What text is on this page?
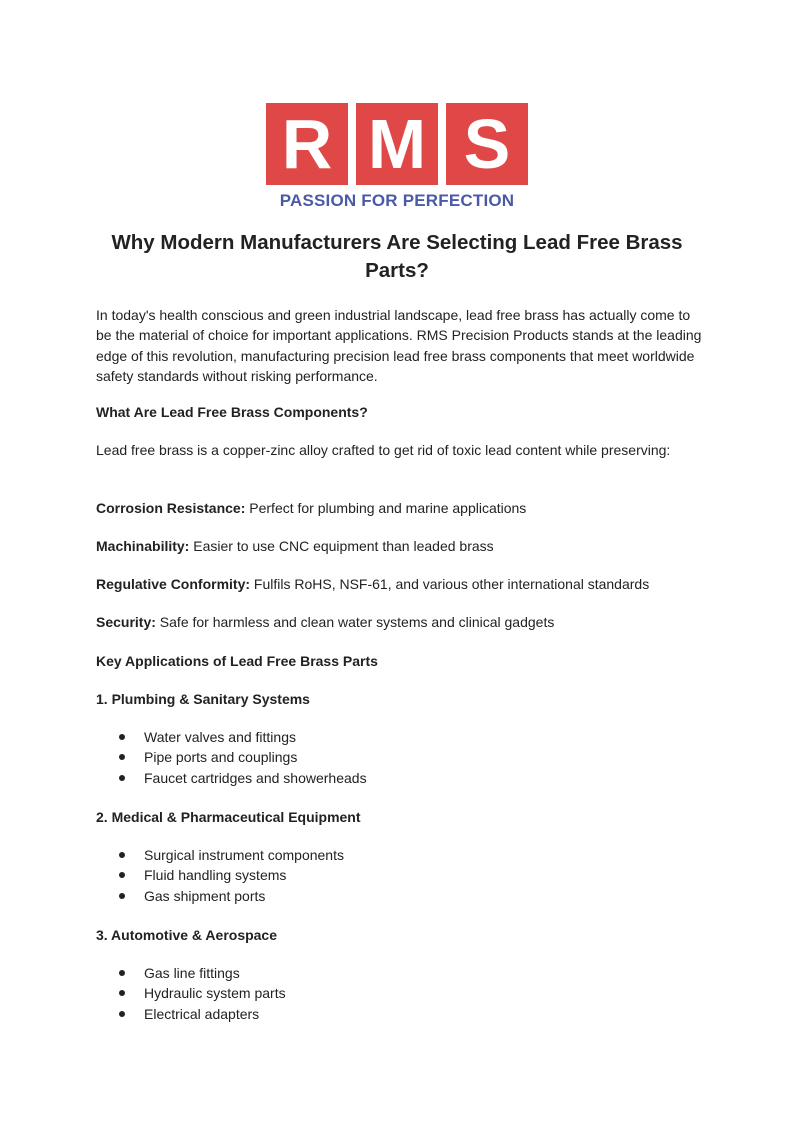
R M S
PASSION FOR PERFECTION
Why Modern Manufacturers Are Selecting Lead Free Brass Parts?

In today's health conscious and green industrial landscape, lead free brass has actually come to be the material of choice for important applications. RMS Precision Products stands at the leading edge of this revolution, manufacturing precision lead free brass components that meet worldwide safety standards without risking performance.

What Are Lead Free Brass Components?

Lead free brass is a copper-zinc alloy crafted to get rid of toxic lead content while preserving:

Corrosion Resistance: Perfect for plumbing and marine applications

Machinability: Easier to use CNC equipment than leaded brass

Regulative Conformity: Fulfils RoHS, NSF-61, and various other international standards

Security: Safe for harmless and clean water systems and clinical gadgets

Key Applications of Lead Free Brass Parts

1. Plumbing & Sanitary Systems

Water valves and fittings
Pipe ports and couplings
Faucet cartridges and showerheads

2. Medical & Pharmaceutical Equipment

Surgical instrument components
Fluid handling systems
Gas shipment ports

3. Automotive & Aerospace

Gas line fittings
Hydraulic system parts
Electrical adapters
